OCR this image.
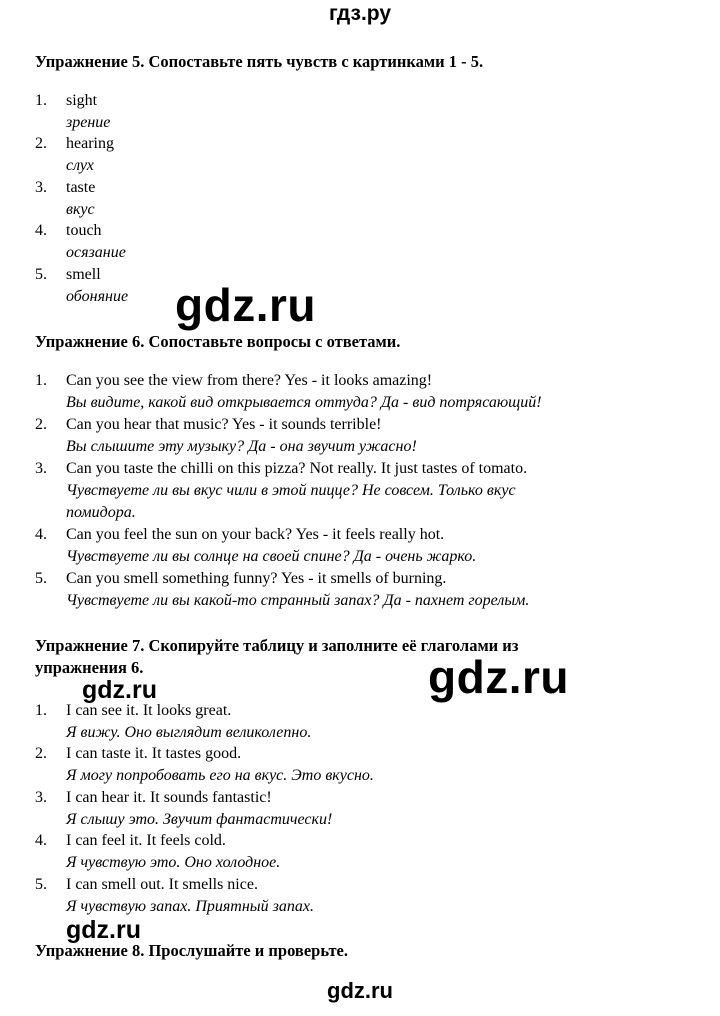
гдз.ру
Упражнение 5. Сопоставьте пять чувств с картинками 1 - 5.
1. sight
зрение
2. hearing
слух
3. taste
вкус
4. touch
осязание
5. smell
обоняние gdz.ru
Упражнение 6. Сопоставьте вопросы с ответами.
1. Can you see the view from there? Yes - it looks amazing!
Вы видите, какой вид открывается оттуда? Да - вид потрясающий!
2. Can you hear that music? Yes - it sounds terrible!
Вы слышите эту музыку? Да - она звучит ужасно!
3. Can you taste the chilli on this pizza? Not really. It just tastes of tomato.
Чувствуете ли вы вкус чили в этой пицце? Не совсем. Только вкус
помидора.
4. Can you feel the sun on your back? Yes - it feels really hot.
Чувствуете ли вы солнце на своей спине? Да - очень жарко.
5. Can you smell something funny? Yes - it smells of burning.
Чувствуете ли вы какой-то странный запах? Да - пахнет горелым.
Упражнение 7. Скопируйте таблицу и заполните её глаголами из
упражнения 6.	gdz.ru
gdz.ru
1. I can see it. It looks great.
Я вижу. Оно выглядит великолепно.
2. I can taste it. It tastes good.
Я могу попробовать его на вкус. Это вкусно.
3. I can hear it. It sounds fantastic!
Я слышу это. Звучит фантастически!
4. I can feel it. It feels cold.
Я чувствую это. Оно холодное.
5. I can smell out. It smells nice.
Я чувствую запах. Приятный запах.
gdz.ru
Упражнение 8. Прослушайте и проверьте.
gdz.ru
